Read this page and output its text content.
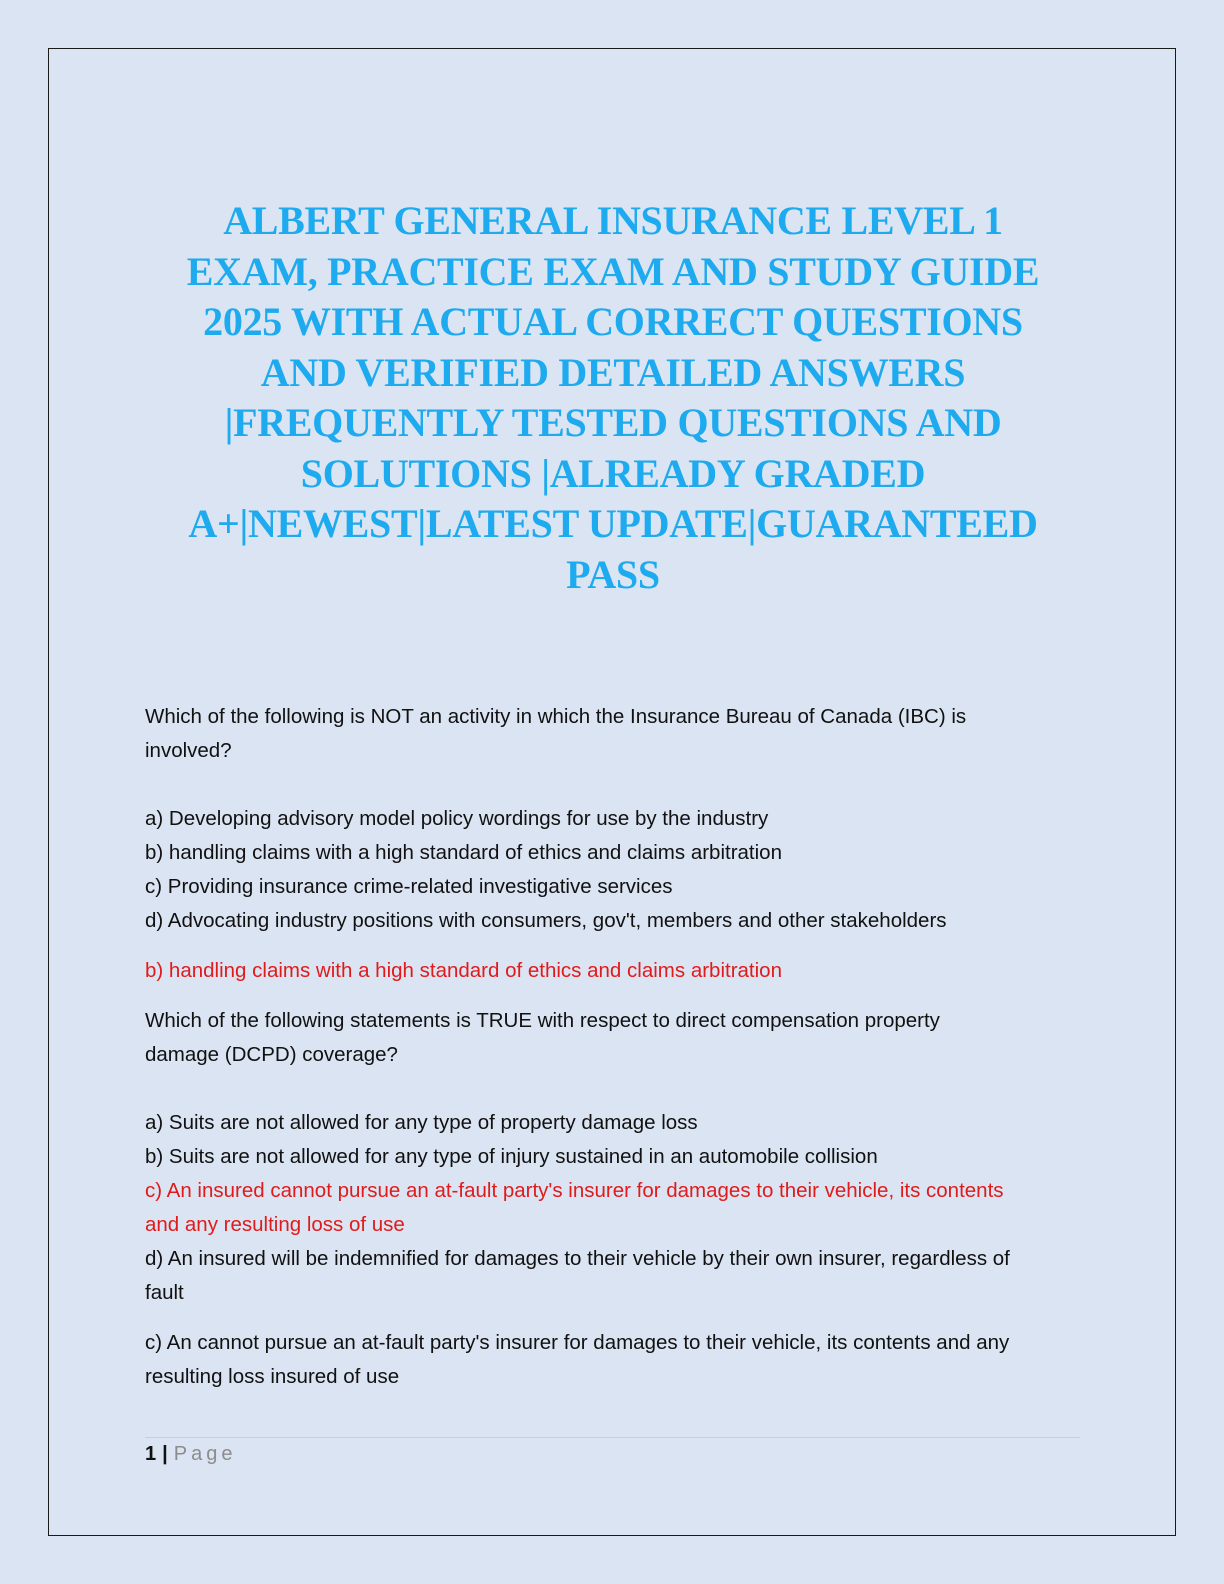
ALBERT GENERAL INSURANCE LEVEL 1
EXAM, PRACTICE EXAM AND STUDY GUIDE
2025 WITH ACTUAL CORRECT QUESTIONS
AND VERIFIED DETAILED ANSWERS
|FREQUENTLY TESTED QUESTIONS AND
SOLUTIONS |ALREADY GRADED
A+|NEWEST|LATEST UPDATE|GUARANTEED
PASS

Which of the following is NOT an activity in which the Insurance Bureau of Canada (IBC) is

involved?

a) Developing advisory model policy wordings for use by the industry

b) handling claims with a high standard of ethics and claims arbitration

c) Providing insurance crime-related investigative services

d) Advocating industry positions with consumers, gov't, members and other stakeholders

b) handling claims with a high standard of ethics and claims arbitration

Which of the following statements is TRUE with respect to direct compensation property

damage (DCPD) coverage?

a) Suits are not allowed for any type of property damage loss

b) Suits are not allowed for any type of injury sustained in an automobile collision

c) An insured cannot pursue an at-fault party's insurer for damages to their vehicle, its contents

and any resulting loss of use

d) An insured will be indemnified for damages to their vehicle by their own insurer, regardless of

fault

c) An cannot pursue an at-fault party's insurer for damages to their vehicle, its contents and any

resulting loss insured of use

1 | Page
